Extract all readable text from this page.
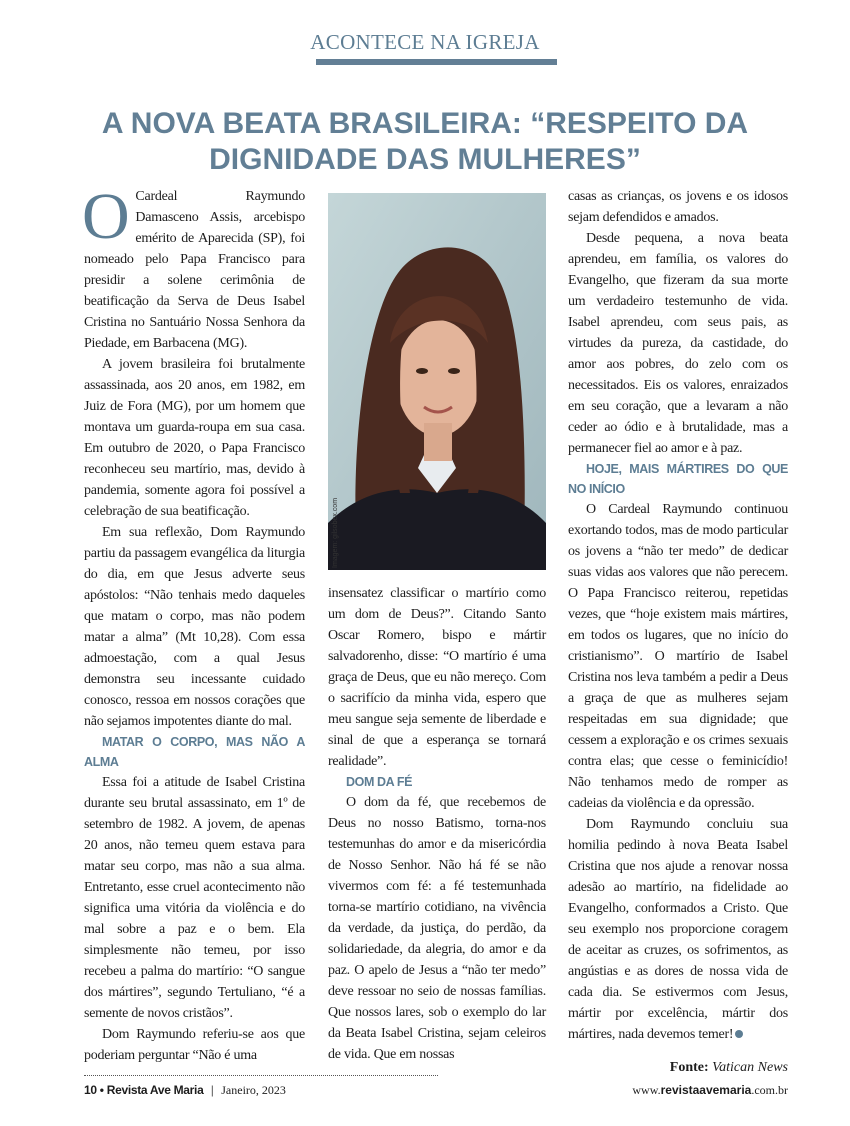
ACONTECE NA IGREJA
A NOVA BEATA BRASILEIRA: “RESPEITO DA DIGNIDADE DAS MULHERES”
O Cardeal Raymundo Damasceno Assis, arcebispo emérito de Aparecida (SP), foi nomeado pelo Papa Francisco para presidir a solene cerimônia de beatificação da Serva de Deus Isabel Cristina no Santuário Nossa Senhora da Piedade, em Barbacena (MG).

A jovem brasileira foi brutalmente assassinada, aos 20 anos, em 1982, em Juiz de Fora (MG), por um homem que montava um guarda-roupa em sua casa. Em outubro de 2020, o Papa Francisco reconheceu seu martírio, mas, devido à pandemia, somente agora foi possível a celebração de sua beatificação.

Em sua reflexão, Dom Raymundo partiu da passagem evangélica da liturgia do dia, em que Jesus adverte seus apóstolos: “Não tenhais medo daqueles que matam o corpo, mas não podem matar a alma” (Mt 10,28). Com essa admoestação, com a qual Jesus demonstra seu incessante cuidado conosco, ressoa em nossos corações que não sejamos impotentes diante do mal.

MATAR O CORPO, MAS NÃO A ALMA

Essa foi a atitude de Isabel Cristina durante seu brutal assassinato, em 1º de setembro de 1982. A jovem, de apenas 20 anos, não temeu quem estava para matar seu corpo, mas não a sua alma. Entretanto, esse cruel acontecimento não significa uma vitória da violência e do mal sobre a paz e o bem. Ela simplesmente não temeu, por isso recebeu a palma do martírio: “O sangue dos mártires”, segundo Tertuliano, “é a semente de novos cristãos”.

Dom Raymundo referiu-se aos que poderiam perguntar “Não é uma

Imagem: gilsobex.com

insensatez classificar o martírio como um dom de Deus?”. Citando Santo Oscar Romero, bispo e mártir salvadorenho, disse: “O martírio é uma graça de Deus, que eu não mereço. Com o sacrifício da minha vida, espero que meu sangue seja semente de liberdade e sinal de que a esperança se tornará realidade”.

DOM DA FÉ

O dom da fé, que recebemos de Deus no nosso Batismo, torna-nos testemunhas do amor e da misericórdia de Nosso Senhor. Não há fé se não vivermos com fé: a fé testemunhada torna-se martírio cotidiano, na vivência da verdade, da justiça, do perdão, da solidariedade, da alegria, do amor e da paz. O apelo de Jesus a “não ter medo” deve ressoar no seio de nossas famílias. Que nossos lares, sob o exemplo do lar da Beata Isabel Cristina, sejam celeiros de vida. Que em nossas

casas as crianças, os jovens e os idosos sejam defendidos e amados.

Desde pequena, a nova beata aprendeu, em família, os valores do Evangelho, que fizeram da sua morte um verdadeiro testemunho de vida. Isabel aprendeu, com seus pais, as virtudes da pureza, da castidade, do amor aos pobres, do zelo com os necessitados. Eis os valores, enraizados em seu coração, que a levaram a não ceder ao ódio e à brutalidade, mas a permanecer fiel ao amor e à paz.

HOJE, MAIS MÁRTIRES DO QUE NO INÍCIO

O Cardeal Raymundo continuou exortando todos, mas de modo particular os jovens a “não ter medo” de dedicar suas vidas aos valores que não perecem. O Papa Francisco reiterou, repetidas vezes, que “hoje existem mais mártires, em todos os lugares, que no início do cristianismo”. O martírio de Isabel Cristina nos leva também a pedir a Deus a graça de que as mulheres sejam respeitadas em sua dignidade; que cessem a exploração e os crimes sexuais contra elas; que cesse o feminicídio! Não tenhamos medo de romper as cadeias da violência e da opressão.

Dom Raymundo concluiu sua homilia pedindo à nova Beata Isabel Cristina que nos ajude a renovar nossa adesão ao martírio, na fidelidade ao Evangelho, conformados a Cristo. Que seu exemplo nos proporcione coragem de aceitar as cruzes, os sofrimentos, as angústias e as dores de nossa vida de cada dia. Se estivermos com Jesus, mártir por excelência, mártir dos mártires, nada devemos temer!

Fonte: Vatican News
10 • Revista Ave Maria | Janeiro, 2023	www.revistaavemaria.com.br
